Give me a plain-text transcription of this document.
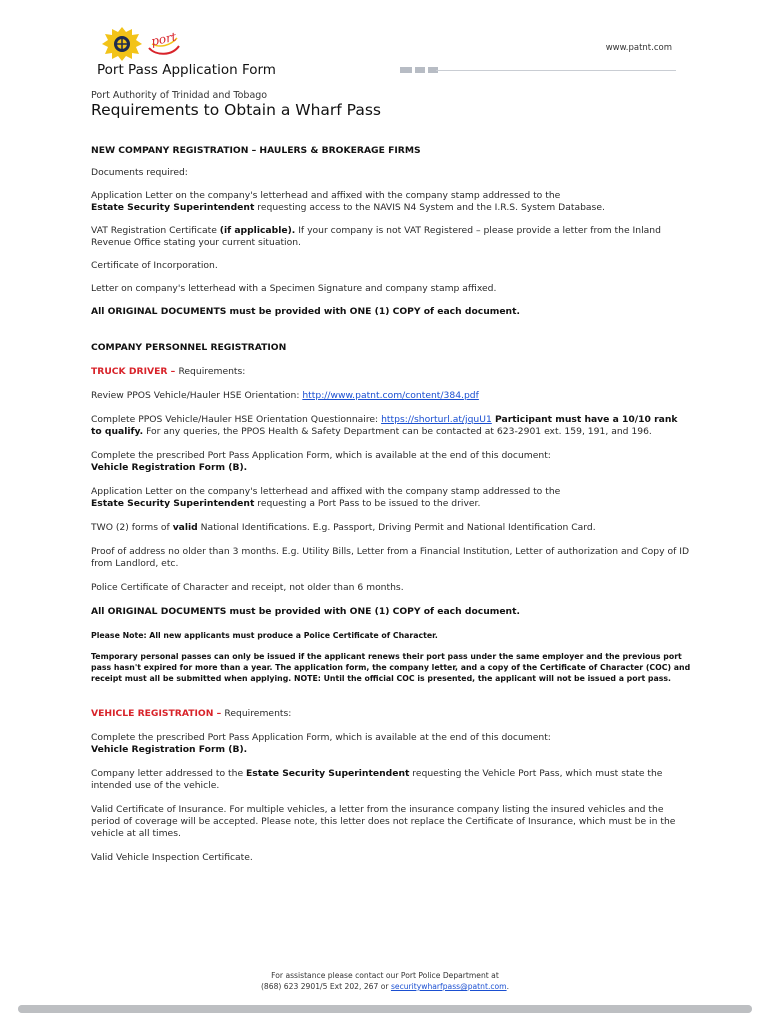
port	www.patnt.com
Port Pass Application Form
Port Authority of Trinidad and Tobago
Requirements to Obtain a Wharf Pass

NEW COMPANY REGISTRATION – HAULERS & BROKERAGE FIRMS

Documents required:

Application Letter on the company's letterhead and affixed with the company stamp addressed to the
Estate Security Superintendent requesting access to the NAVIS N4 System and the I.R.S. System Database.

VAT Registration Certificate (if applicable). If your company is not VAT Registered – please provide a letter from the Inland Revenue Office stating your current situation.

Certificate of Incorporation.

Letter on company's letterhead with a Specimen Signature and company stamp affixed.

All ORIGINAL DOCUMENTS must be provided with ONE (1) COPY of each document.

COMPANY PERSONNEL REGISTRATION

TRUCK DRIVER – Requirements:

Review PPOS Vehicle/Hauler HSE Orientation: http://www.patnt.com/content/384.pdf

Complete PPOS Vehicle/Hauler HSE Orientation Questionnaire: https://shorturl.at/jquU1 Participant must have a 10/10 rank to qualify. For any queries, the PPOS Health & Safety Department can be contacted at 623-2901 ext. 159, 191, and 196.

Complete the prescribed Port Pass Application Form, which is available at the end of this document:
Vehicle Registration Form (B).

Application Letter on the company's letterhead and affixed with the company stamp addressed to the
Estate Security Superintendent requesting a Port Pass to be issued to the driver.

TWO (2) forms of valid National Identifications. E.g. Passport, Driving Permit and National Identification Card.

Proof of address no older than 3 months. E.g. Utility Bills, Letter from a Financial Institution, Letter of authorization and Copy of ID from Landlord, etc.

Police Certificate of Character and receipt, not older than 6 months.

All ORIGINAL DOCUMENTS must be provided with ONE (1) COPY of each document.

Please Note: All new applicants must produce a Police Certificate of Character.

Temporary personal passes can only be issued if the applicant renews their port pass under the same employer and the previous port pass hasn't expired for more than a year. The application form, the company letter, and a copy of the Certificate of Character (COC) and receipt must all be submitted when applying. NOTE: Until the official COC is presented, the applicant will not be issued a port pass.

VEHICLE REGISTRATION – Requirements:

Complete the prescribed Port Pass Application Form, which is available at the end of this document:
Vehicle Registration Form (B).

Company letter addressed to the Estate Security Superintendent requesting the Vehicle Port Pass, which must state the intended use of the vehicle.

Valid Certificate of Insurance. For multiple vehicles, a letter from the insurance company listing the insured vehicles and the period of coverage will be accepted. Please note, this letter does not replace the Certificate of Insurance, which must be in the vehicle at all times.

Valid Vehicle Inspection Certificate.

For assistance please contact our Port Police Department at
(868) 623 2901/5 Ext 202, 267 or securitywharfpass@patnt.com.
